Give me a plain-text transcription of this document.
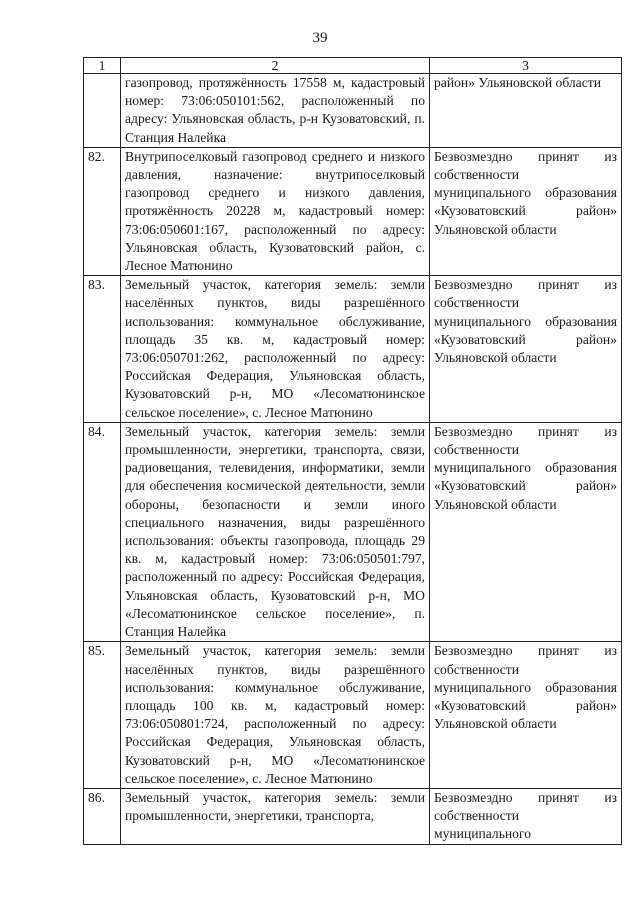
39
1	2	3
	газопровод, протяжённость 17558 м, кадастровый номер: 73:06:050101:562, расположенный по адресу: Ульяновская область, р-н Кузоватовский, п. Станция Налейка	район» Ульяновской области
82.	Внутрипоселковый газопровод среднего и низкого давления, назначение: внутрипоселковый газопровод среднего и низкого давления, протяжённость 20228 м, кадастровый номер: 73:06:050601:167, расположенный по адресу: Ульяновская область, Кузоватовский район, с. Лесное Матюнино	Безвозмездно принят из собственности муниципального образования «Кузоватовский район» Ульяновской области
83.	Земельный участок, категория земель: земли населённых пунктов, виды разрешённого использования: коммунальное обслуживание, площадь 35 кв. м, кадастровый номер: 73:06:050701:262, расположенный по адресу: Российская Федерация, Ульяновская область, Кузоватовский р-н, МО «Лесоматюнинское сельское поселение», с. Лесное Матюнино	Безвозмездно принят из собственности муниципального образования «Кузоватовский район» Ульяновской области
84.	Земельный участок, категория земель: земли промышленности, энергетики, транспорта, связи, радиовещания, телевидения, информатики, земли для обеспечения космической деятельности, земли обороны, безопасности и земли иного специального назначения, виды разрешённого использования: объекты газопровода, площадь 29 кв. м, кадастровый номер: 73:06:050501:797, расположенный по адресу: Российская Федерация, Ульяновская область, Кузоватовский р-н, МО «Лесоматюнинское сельское поселение», п. Станция Налейка	Безвозмездно принят из собственности муниципального образования «Кузоватовский район» Ульяновской области
85.	Земельный участок, категория земель: земли населённых пунктов, виды разрешённого использования: коммунальное обслуживание, площадь 100 кв. м, кадастровый номер: 73:06:050801:724, расположенный по адресу: Российская Федерация, Ульяновская область, Кузоватовский р-н, МО «Лесоматюнинское сельское поселение», с. Лесное Матюнино	Безвозмездно принят из собственности муниципального образования «Кузоватовский район» Ульяновской области
86.	Земельный участок, категория земель: земли промышленности, энергетики, транспорта,	Безвозмездно принят из собственности муниципального
